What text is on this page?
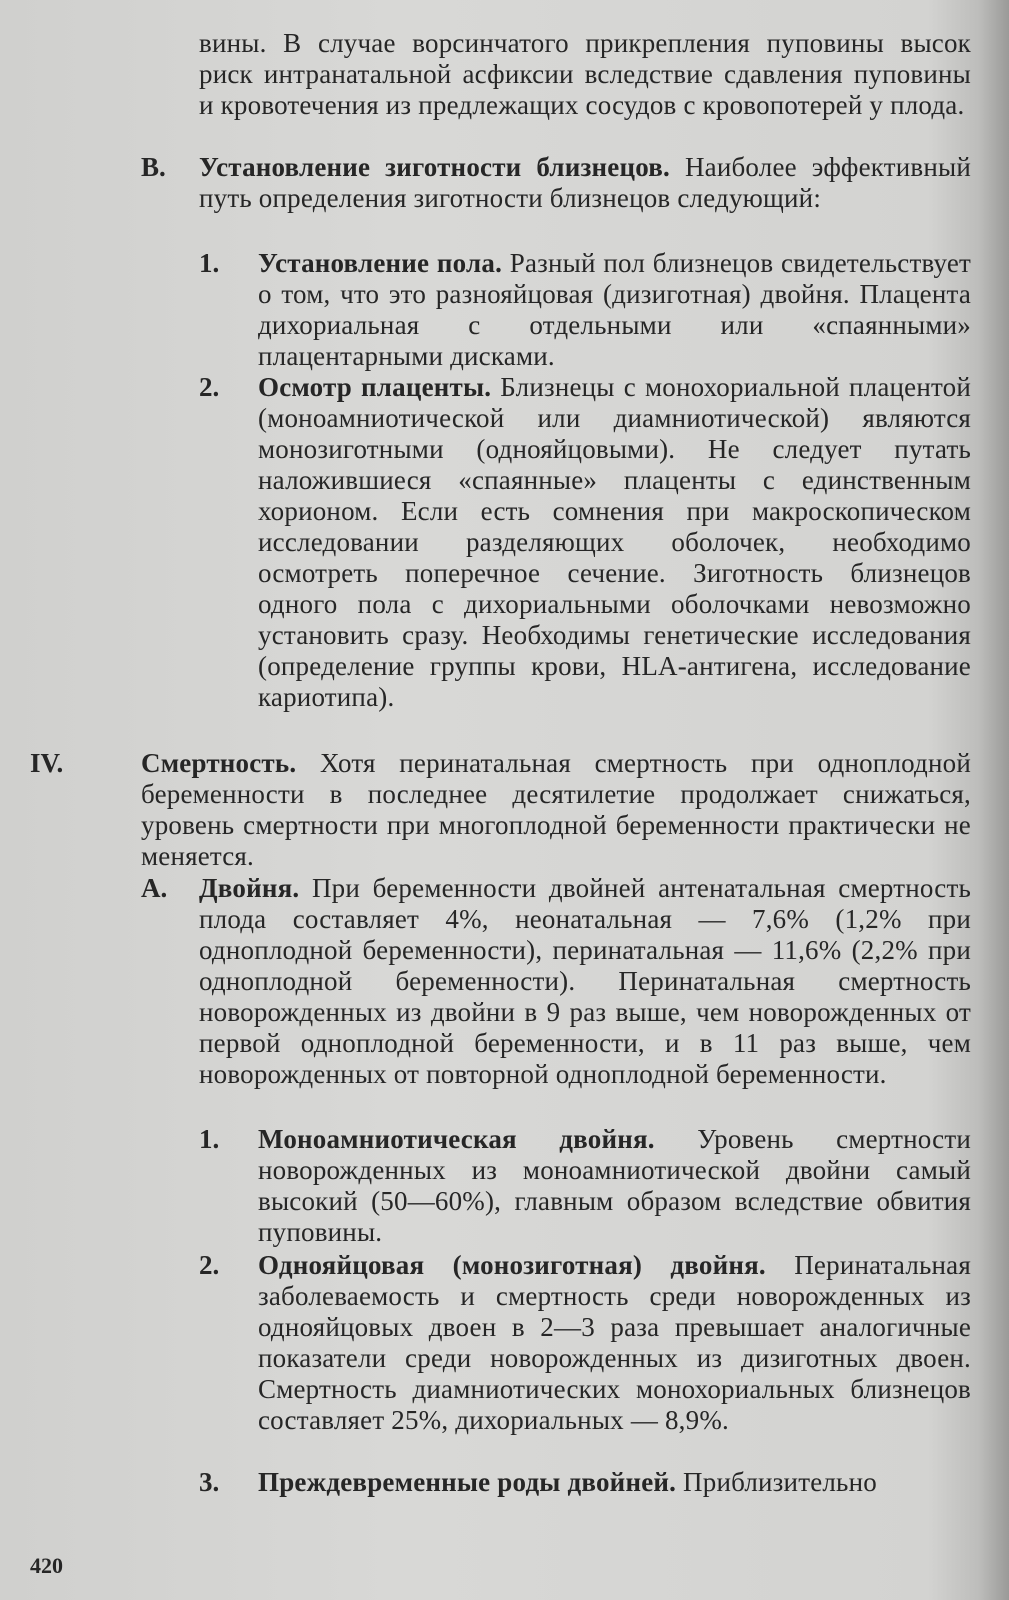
вины. В случае ворсинчатого прикрепления пуповины высок риск интранатальной асфиксии вследствие сдавления пуповины и кровотечения из предлежащих сосудов с кровопотерей у плода.
В. Установление зиготности близнецов. Наиболее эффективный путь определения зиготности близнецов следующий:
1. Установление пола. Разный пол близнецов свидетельствует о том, что это разнояйцовая (дизиготная) двойня. Плацента дихориальная с отдельными или «спаянными» плацентарными дисками.
2. Осмотр плаценты. Близнецы с монохориальной плацентой (моноамниотической или диамниотической) являются монозиготными (однояйцовыми). Не следует путать наложившиеся «спаянные» плаценты с единственным хорионом. Если есть сомнения при макроскопическом исследовании разделяющих оболочек, необходимо осмотреть поперечное сечение. Зиготность близнецов одного пола с дихориальными оболочками невозможно установить сразу. Необходимы генетические исследования (определение группы крови, HLA-антигена, исследование кариотипа).
IV.	Смертность. Хотя перинатальная смертность при одноплодной беременности в последнее десятилетие продолжает снижаться, уровень смертности при многоплодной беременности практически не меняется.
А. Двойня. При беременности двойней антенатальная смертность плода составляет 4%, неонатальная — 7,6% (1,2% при одноплодной беременности), перинатальная — 11,6% (2,2% при одноплодной беременности). Перинатальная смертность новорожденных из двойни в 9 раз выше, чем новорожденных от первой одноплодной беременности, и в 11 раз выше, чем новорожденных от повторной одноплодной беременности.
1. Моноамниотическая двойня. Уровень смертности новорожденных из моноамниотической двойни самый высокий (50—60%), главным образом вследствие обвития пуповины.
2. Однояйцовая (монозиготная) двойня. Перинатальная заболеваемость и смертность среди новорожденных из однояйцовых двоен в 2—3 раза превышает аналогичные показатели среди новорожденных из дизиготных двоен. Смертность диамниотических монохориальных близнецов составляет 25%, дихориальных — 8,9%.
3. Преждевременные роды двойней. Приблизительно
420
